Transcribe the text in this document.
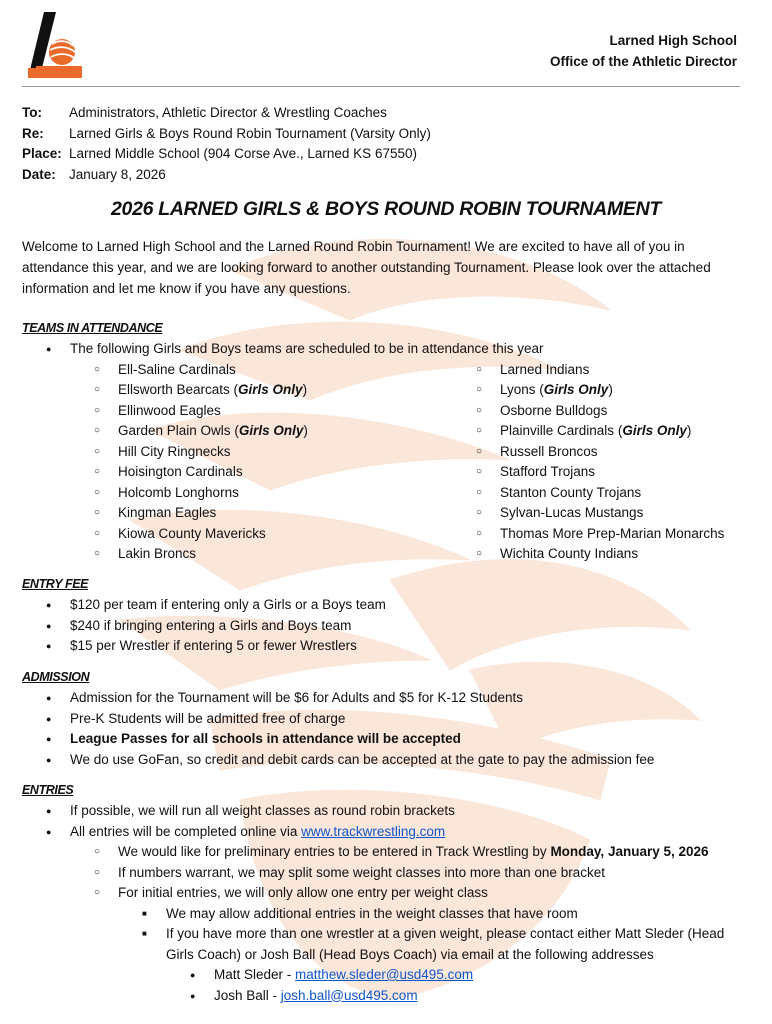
Larned High School
Office of the Athletic Director
To:	Administrators, Athletic Director & Wrestling Coaches
Re:	Larned Girls & Boys Round Robin Tournament (Varsity Only)
Place: Larned Middle School (904 Corse Ave., Larned KS 67550)
Date: January 8, 2026
2026 LARNED GIRLS & BOYS ROUND ROBIN TOURNAMENT
Welcome to Larned High School and the Larned Round Robin Tournament! We are excited to have all of you in attendance this year, and we are looking forward to another outstanding Tournament. Please look over the attached information and let me know if you have any questions.
TEAMS IN ATTENDANCE
The following Girls and Boys teams are scheduled to be in attendance this year
○ Ell-Saline Cardinals
○ Ellsworth Bearcats (Girls Only)
○ Ellinwood Eagles
○ Garden Plain Owls (Girls Only)
○ Hill City Ringnecks
○ Hoisington Cardinals
○ Holcomb Longhorns
○ Kingman Eagles
○ Kiowa County Mavericks
○ Lakin Broncs
○ Larned Indians
○ Lyons (Girls Only)
○ Osborne Bulldogs
○ Plainville Cardinals (Girls Only)
○ Russell Broncos
○ Stafford Trojans
○ Stanton County Trojans
○ Sylvan-Lucas Mustangs
○ Thomas More Prep-Marian Monarchs
○ Wichita County Indians
ENTRY FEE
$120 per team if entering only a Girls or a Boys team
$240 if bringing entering a Girls and Boys team
$15 per Wrestler if entering 5 or fewer Wrestlers
ADMISSION
Admission for the Tournament will be $6 for Adults and $5 for K-12 Students
Pre-K Students will be admitted free of charge
League Passes for all schools in attendance will be accepted
We do use GoFan, so credit and debit cards can be accepted at the gate to pay the admission fee
ENTRIES
If possible, we will run all weight classes as round robin brackets
All entries will be completed online via www.trackwrestling.com
○ We would like for preliminary entries to be entered in Track Wrestling by Monday, January 5, 2026
○ If numbers warrant, we may split some weight classes into more than one bracket
○ For initial entries, we will only allow one entry per weight class
■ We may allow additional entries in the weight classes that have room
■ If you have more than one wrestler at a given weight, please contact either Matt Sleder (Head
Girls Coach) or Josh Ball (Head Boys Coach) via email at the following addresses
● Matt Sleder - matthew.sleder@usd495.com
● Josh Ball - josh.ball@usd495.com
